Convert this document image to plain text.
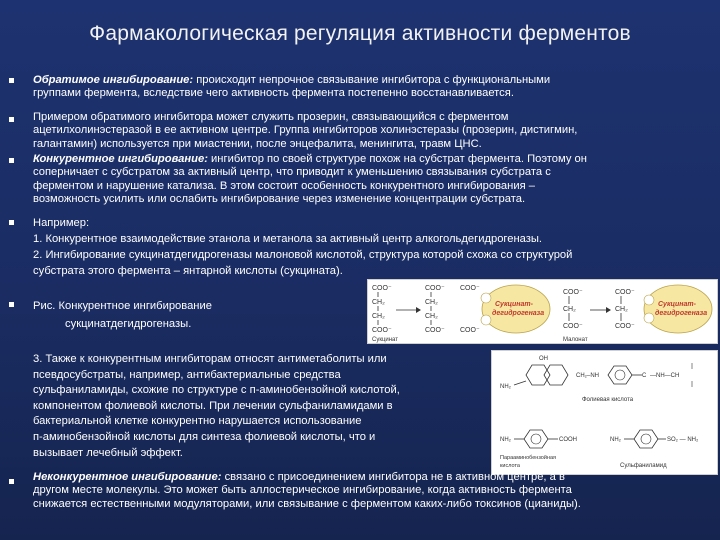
Фармакологическая регуляция активности ферментов
Обратимое ингибирование: происходит непрочное связывание ингибитора с функциональными
группами фермента, вследствие чего активность фермента постепенно восстанавливается.
Примером обратимого ингибитора может служить прозерин, связывающийся с ферментом
ацетилхолинэстеразой в ее активном центре. Группа ингибиторов холинэстеразы (прозерин, дистигмин,
галантамин) используется при миастении, после энцефалита, менингита, травм ЦНС.
Конкурентное ингибирование: ингибитор по своей структуре похож на субстрат фермента. Поэтому он
соперничает с субстратом за активный центр, что приводит к уменьшению связывания субстрата с
ферментом и нарушение катализа. В этом состоит особенность конкурентного ингибирования –
возможность усилить или ослабить ингибирование через изменение концентрации субстрата.
Например:
1. Конкурентное взаимодействие этанола и метанола за активный центр алкогольдегидрогеназы.
2. Ингибирование сукцинатдегидрогеназы малоновой кислотой, структура которой схожа со структурой
субстрата этого фермента – янтарной кислоты (сукцината).
Рис. Конкурентное ингибирование
сукцинатдегидрогеназы.
COO⁻
CH₂
CH₂
COO⁻
COO⁻
CH₂
CH₂
COO⁻
Сукцинат-
дегидрогеназа
COO⁻
COO⁻
Сукцинат
COO⁻
CH₂
COO⁻
COO⁻
CH₂
COO⁻
Малонат
Сукцинат-
дегидрогеназа
3. Также к конкурентным ингибиторам относят антиметаболиты или
псевдосубстраты, например, антибактериальные средства
сульфаниламиды, схожие по структуре с п-аминобензойной кислотой,
компонентом фолиевой кислоты. При лечении сульфаниламидами в
бактериальной клетке конкурентно нарушается использование
п-аминобензойной кислоты для синтеза фолиевой кислоты, что и
вызывает лечебный эффект.
OH
NH₂
CH₂–NH	C —NH—CH
Фолиевая кислота
NH₂	COOH
Парааминобензойная
кислота
NH₂	SO₂ — NH₂
Сульфаниламид
Неконкурентное ингибирование: связано с присоединением ингибитора не в активном центре, а в
другом месте молекулы. Это может быть аллостерическое ингибирование, когда активность фермента
снижается естественными модуляторами, или связывание с ферментом каких-либо токсинов (цианиды).
